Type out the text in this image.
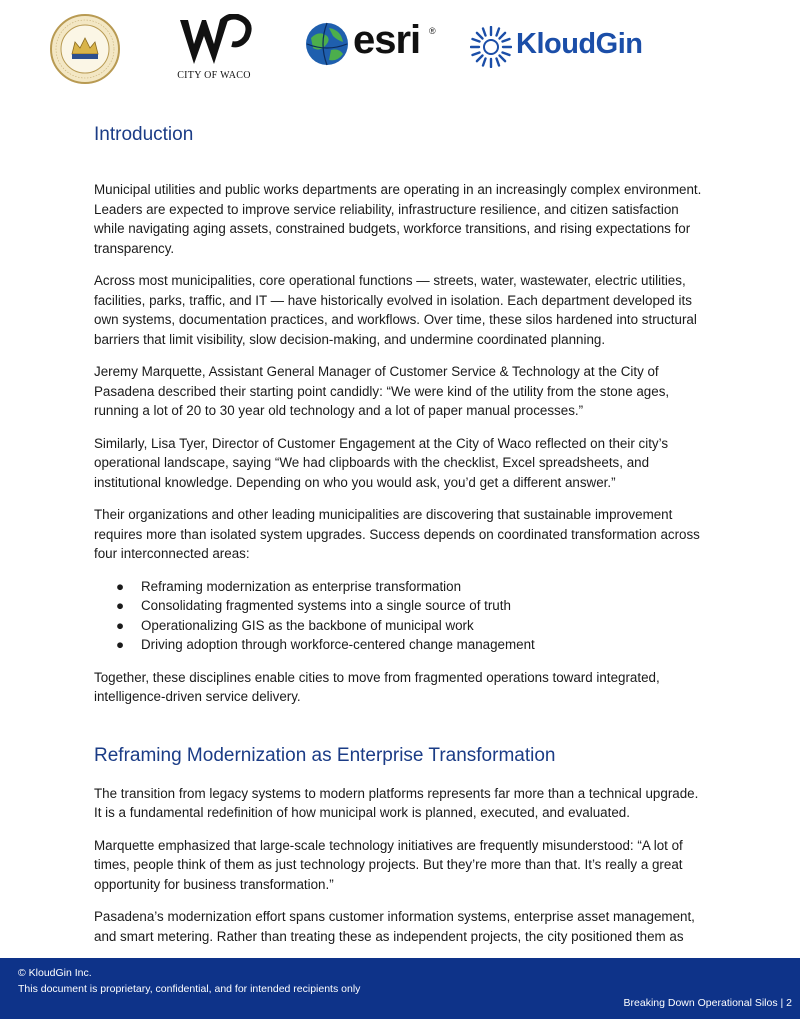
CITY OF WACO
esri ®	KloudGin
Introduction

Municipal utilities and public works departments are operating in an increasingly complex environment. Leaders are expected to improve service reliability, infrastructure resilience, and citizen satisfaction while navigating aging assets, constrained budgets, workforce transitions, and rising expectations for transparency.

Across most municipalities, core operational functions — streets, water, wastewater, electric utilities, facilities, parks, traffic, and IT — have historically evolved in isolation. Each department developed its own systems, documentation practices, and workflows. Over time, these silos hardened into structural barriers that limit visibility, slow decision-making, and undermine coordinated planning.

Jeremy Marquette, Assistant General Manager of Customer Service & Technology at the City of Pasadena described their starting point candidly: “We were kind of the utility from the stone ages, running a lot of 20 to 30 year old technology and a lot of paper manual processes.”

Similarly, Lisa Tyer, Director of Customer Engagement at the City of Waco reflected on their city’s operational landscape, saying “We had clipboards with the checklist, Excel spreadsheets, and institutional knowledge. Depending on who you would ask, you’d get a different answer.”

Their organizations and other leading municipalities are discovering that sustainable improvement requires more than isolated system upgrades. Success depends on coordinated transformation across four interconnected areas:

● Reframing modernization as enterprise transformation
● Consolidating fragmented systems into a single source of truth
● Operationalizing GIS as the backbone of municipal work
● Driving adoption through workforce-centered change management

Together, these disciplines enable cities to move from fragmented operations toward integrated, intelligence-driven service delivery.

Reframing Modernization as Enterprise Transformation

The transition from legacy systems to modern platforms represents far more than a technical upgrade. It is a fundamental redefinition of how municipal work is planned, executed, and evaluated.

Marquette emphasized that large-scale technology initiatives are frequently misunderstood: “A lot of times, people think of them as just technology projects. But they’re more than that. It’s really a great opportunity for business transformation.”

Pasadena’s modernization effort spans customer information systems, enterprise asset management, and smart metering. Rather than treating these as independent projects, the city positioned them as

© KloudGin Inc.
This document is proprietary, confidential, and for intended recipients only
Breaking Down Operational Silos | 2
